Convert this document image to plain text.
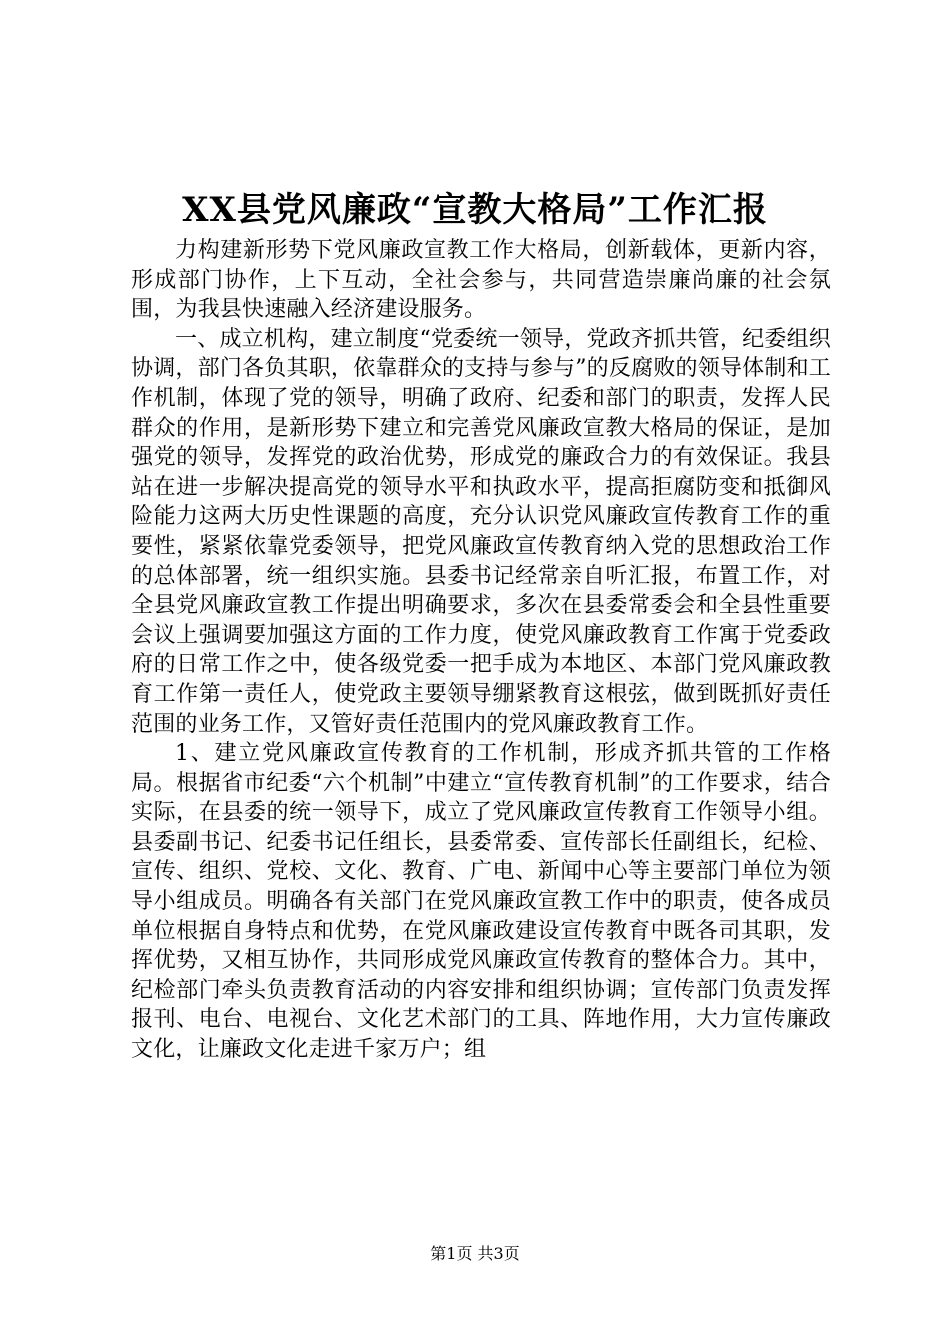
XX县党风廉政“宣教大格局”工作汇报

力构建新形势下党风廉政宣教工作大格局，创新载体，更新内容，形成部门协作，上下互动，全社会参与，共同营造崇廉尚廉的社会氛围，为我县快速融入经济建设服务。

一、成立机构，建立制度“党委统一领导，党政齐抓共管，纪委组织协调，部门各负其职，依靠群众的支持与参与”的反腐败的领导体制和工作机制，体现了党的领导，明确了政府、纪委和部门的职责，发挥人民群众的作用，是新形势下建立和完善党风廉政宣教大格局的保证，是加强党的领导，发挥党的政治优势，形成党的廉政合力的有效保证。我县站在进一步解决提高党的领导水平和执政水平，提高拒腐防变和抵御风险能力这两大历史性课题的高度，充分认识党风廉政宣传教育工作的重要性，紧紧依靠党委领导，把党风廉政宣传教育纳入党的思想政治工作的总体部署，统一组织实施。县委书记经常亲自听汇报，布置工作，对全县党风廉政宣教工作提出明确要求，多次在县委常委会和全县性重要会议上强调要加强这方面的工作力度，使党风廉政教育工作寓于党委政府的日常工作之中，使各级党委一把手成为本地区、本部门党风廉政教育工作第一责任人，使党政主要领导绷紧教育这根弦，做到既抓好责任范围的业务工作，又管好责任范围内的党风廉政教育工作。

1、建立党风廉政宣传教育的工作机制，形成齐抓共管的工作格局。根据省市纪委“六个机制”中建立“宣传教育机制”的工作要求，结合实际，在县委的统一领导下，成立了党风廉政宣传教育工作领导小组。县委副书记、纪委书记任组长，县委常委、宣传部长任副组长，纪检、宣传、组织、党校、文化、教育、广电、新闻中心等主要部门单位为领导小组成员。明确各有关部门在党风廉政宣教工作中的职责，使各成员单位根据自身特点和优势，在党风廉政建设宣传教育中既各司其职，发挥优势，又相互协作，共同形成党风廉政宣传教育的整体合力。其中，纪检部门牵头负责教育活动的内容安排和组织协调；宣传部门负责发挥报刊、电台、电视台、文化艺术部门的工具、阵地作用，大力宣传廉政文化，让廉政文化走进千家万户；组

第1页 共3页
